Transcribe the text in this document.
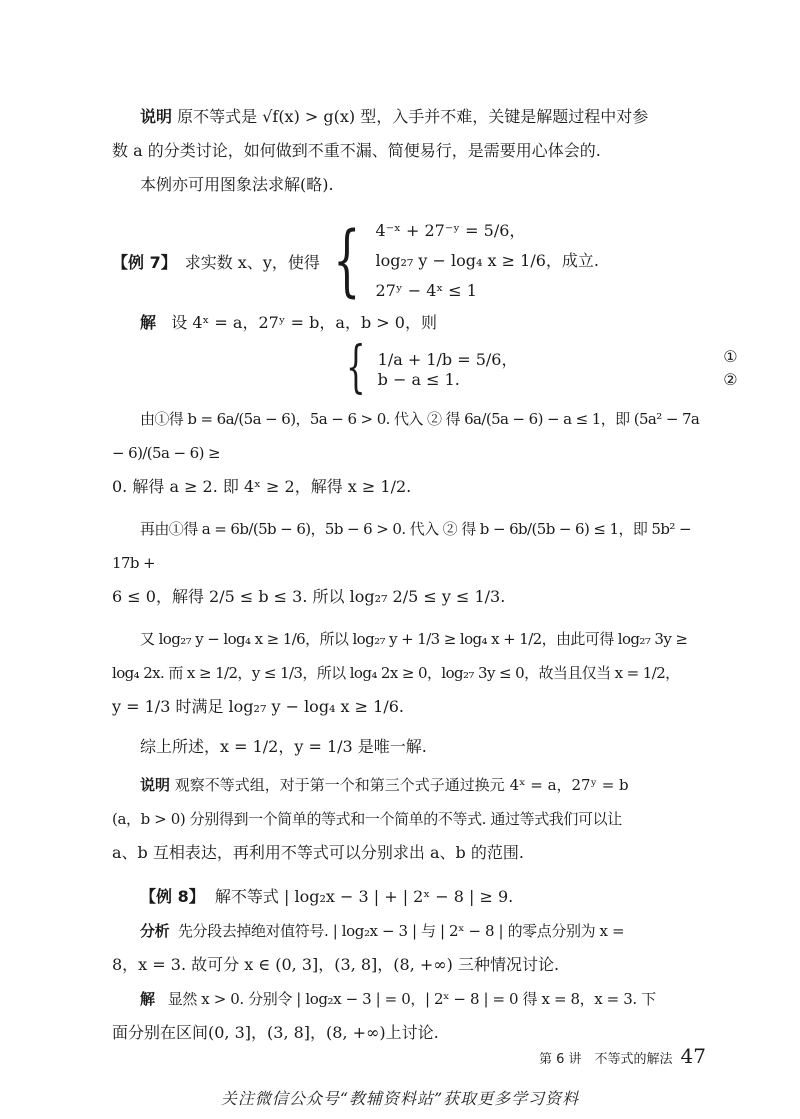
说明 原不等式是 √f(x) > g(x) 型，入手并不难，关键是解题过程中对参

数 a 的分类讨论，如何做到不重不漏、简便易行，是需要用心体会的.

本例亦可用图象法求解(略).

【例 7】 求实数 x、y，使得 { 4⁻ˣ + 27⁻ʸ = 5/6，

log₂₇ y − log₄ x ≥ 1/6，成立.

27ʸ − 4ˣ ≤ 1

解 设 4ˣ = a，27ʸ = b，a，b > 0，则

{ 1/a + 1/b = 5/6，	①
b − a ≤ 1.	②

由①得 b = 6a/(5a − 6)，5a − 6 > 0. 代入 ② 得 6a/(5a − 6) − a ≤ 1，即 (5a² − 7a − 6)/(5a − 6) ≥

0. 解得 a ≥ 2. 即 4ˣ ≥ 2，解得 x ≥ 1/2.

再由①得 a = 6b/(5b − 6)，5b − 6 > 0. 代入 ② 得 b − 6b/(5b − 6) ≤ 1，即 5b² − 17b +

6 ≤ 0，解得 2/5 ≤ b ≤ 3. 所以 log₂₇ 2/5 ≤ y ≤ 1/3.

又 log₂₇ y − log₄ x ≥ 1/6，所以 log₂₇ y + 1/3 ≥ log₄ x + 1/2，由此可得 log₂₇ 3y ≥

log₄ 2x. 而 x ≥ 1/2，y ≤ 1/3，所以 log₄ 2x ≥ 0，log₂₇ 3y ≤ 0，故当且仅当 x = 1/2，

y = 1/3 时满足 log₂₇ y − log₄ x ≥ 1/6.

综上所述，x = 1/2，y = 1/3 是唯一解.

说明 观察不等式组，对于第一个和第三个式子通过换元 4ˣ = a，27ʸ = b

(a，b > 0) 分别得到一个简单的等式和一个简单的不等式. 通过等式我们可以让

a、b 互相表达，再利用不等式可以分别求出 a、b 的范围.

【例 8】 解不等式 | log₂x − 3 | + | 2ˣ − 8 | ≥ 9.

分析 先分段去掉绝对值符号. | log₂x − 3 | 与 | 2ˣ − 8 | 的零点分别为 x =

8，x = 3. 故可分 x ∈ (0, 3]，(3, 8]，(8, +∞) 三种情况讨论.

解 显然 x > 0. 分别令 | log₂x − 3 | = 0，| 2ˣ − 8 | = 0 得 x = 8，x = 3. 下

面分别在区间(0, 3]，(3, 8]，(8, +∞)上讨论.

第 6 讲　不等式的解法 47
关注微信公众号“教辅资料站”获取更多学习资料
